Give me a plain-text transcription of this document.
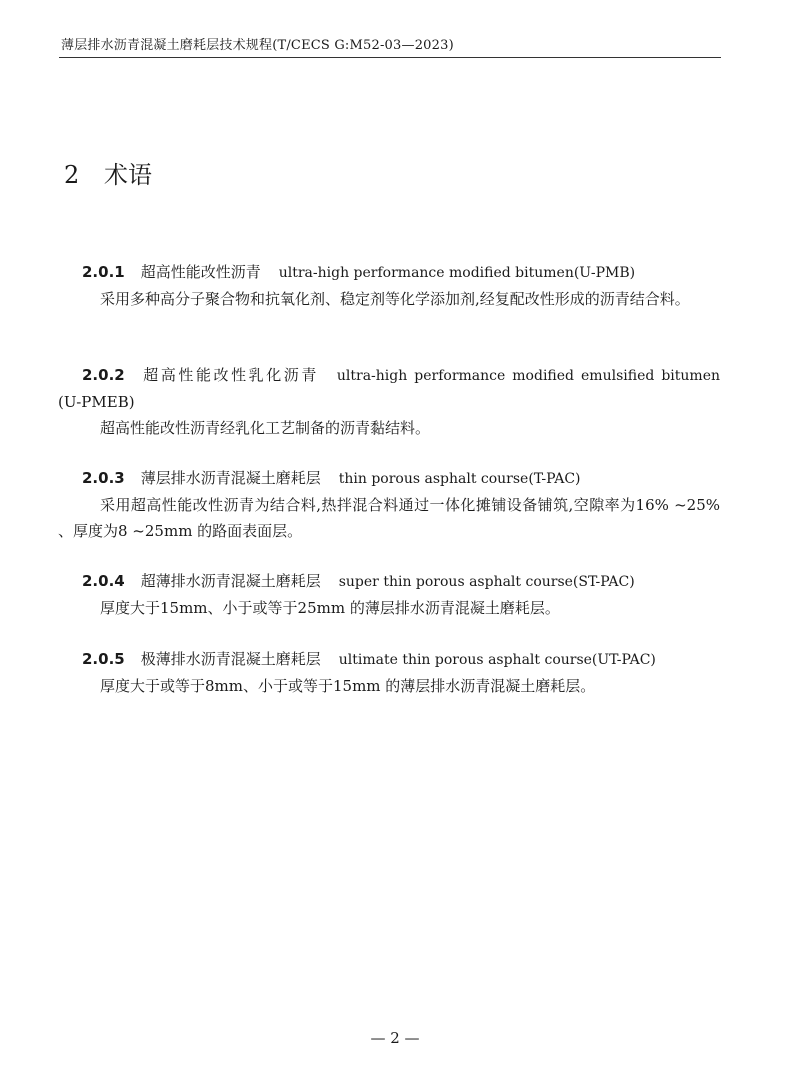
薄层排水沥青混凝土磨耗层技术规程(T/CECS G:M52-03—2023)
2 术语
2.0.1 超高性能改性沥青 ultra-high performance modified bitumen(U-PMB)
采用多种高分子聚合物和抗氧化剂、稳定剂等化学添加剂,经复配改性形成的沥青结合料。
2.0.2 超高性能改性乳化沥青 ultra-high performance modified emulsified bitumen
(U-PMEB)
超高性能改性沥青经乳化工艺制备的沥青黏结料。
2.0.3 薄层排水沥青混凝土磨耗层 thin porous asphalt course(T-PAC)
采用超高性能改性沥青为结合料,热拌混合料通过一体化摊铺设备铺筑,空隙率为16% ~25% 、厚度为8 ~25mm 的路面表面层。
2.0.4 超薄排水沥青混凝土磨耗层 super thin porous asphalt course(ST-PAC)
厚度大于15mm、小于或等于25mm 的薄层排水沥青混凝土磨耗层。
2.0.5 极薄排水沥青混凝土磨耗层 ultimate thin porous asphalt course(UT-PAC)
厚度大于或等于8mm、小于或等于15mm 的薄层排水沥青混凝土磨耗层。
— 2 —
